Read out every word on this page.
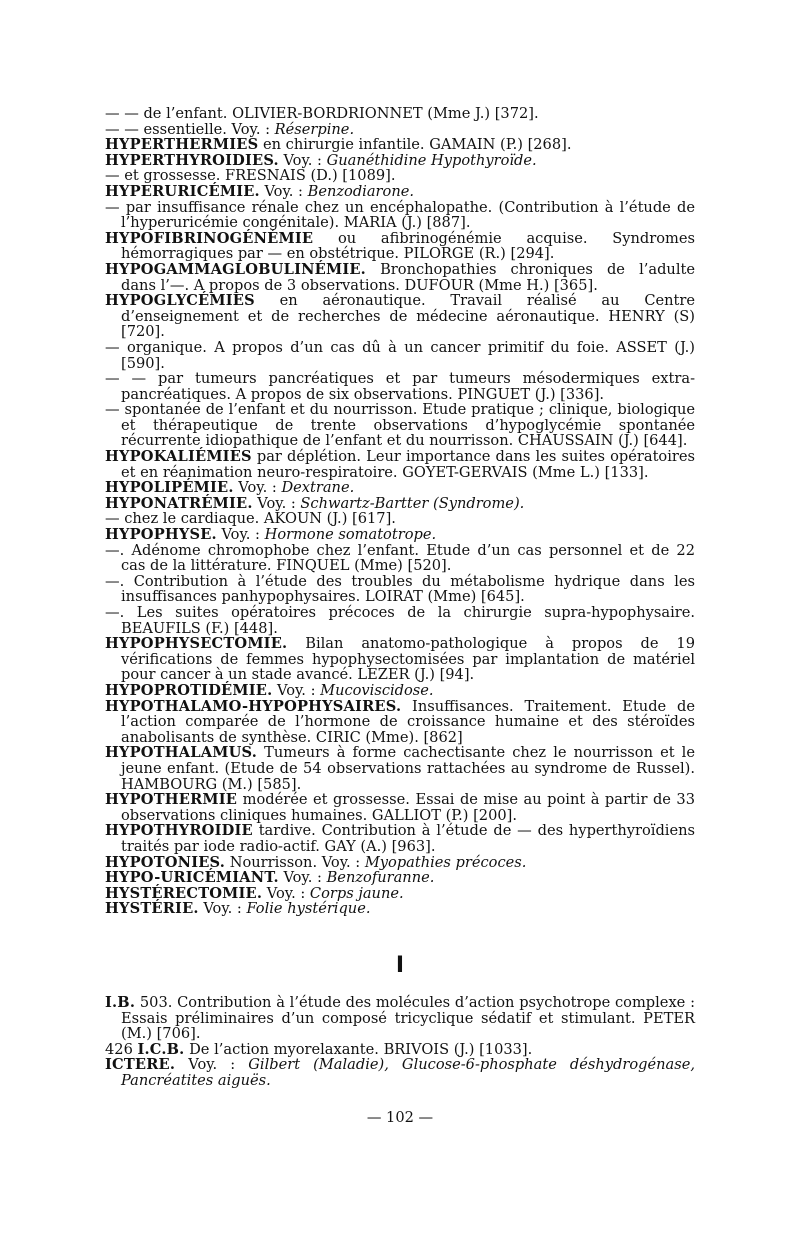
— — de l’enfant. OLIVIER-BORDRIONNET (Mme J.) [372].

— — essentielle. Voy. : Réserpine.

HYPERTHERMIES en chirurgie infantile. GAMAIN (P.) [268].

HYPERTHYROIDIES. Voy. : Guanéthidine Hypothyroïde.

— et grossesse. FRESNAIS (D.) [1089].

HYPERURICÉMIE. Voy. : Benzodiarone.

— par insuffisance rénale chez un encéphalopathe. (Contribution à l’étude de l’hyperuricémie congénitale). MARIA (J.) [887].

HYPOFIBRINOGÉNÉMIE ou afibrinogénémie acquise. Syndromes hémorragiques par — en obstétrique. PILORGE (R.) [294].

HYPOGAMMAGLOBULINÉMIE. Bronchopathies chroniques de l’adulte dans l’—. A propos de 3 observations. DUFOUR (Mme H.) [365].

HYPOGLYCÉMIES en aéronautique. Travail réalisé au Centre d’enseignement et de recherches de médecine aéronautique. HENRY (S) [720].

— organique. A propos d’un cas dû à un cancer primitif du foie. ASSET (J.) [590].

— — par tumeurs pancréatiques et par tumeurs mésodermiques extra-pancréatiques. A propos de six observations. PINGUET (J.) [336].

— spontanée de l’enfant et du nourrisson. Etude pratique ; clinique, biologique et thérapeutique de trente observations d’hypoglycémie spontanée récurrente idiopathique de l’enfant et du nourrisson. CHAUSSAIN (J.) [644].

HYPOKALIÉMIES par déplétion. Leur importance dans les suites opératoires et en réanimation neuro-respiratoire. GOYET-GERVAIS (Mme L.) [133].

HYPOLIPÉMIE. Voy. : Dextrane.

HYPONATRÉMIE. Voy. : Schwartz-Bartter (Syndrome).

— chez le cardiaque. AKOUN (J.) [617].

HYPOPHYSE. Voy. : Hormone somatotrope.

—. Adénome chromophobe chez l’enfant. Etude d’un cas personnel et de 22 cas de la littérature. FINQUEL (Mme) [520].

—. Contribution à l’étude des troubles du métabolisme hydrique dans les insuffisances panhypophysaires. LOIRAT (Mme) [645].

—. Les suites opératoires précoces de la chirurgie supra-hypophysaire. BEAUFILS (F.) [448].

HYPOPHYSECTOMIE. Bilan anatomo-pathologique à propos de 19 vérifications de femmes hypophysectomisées par implantation de matériel pour cancer à un stade avancé. LEZER (J.) [94].

HYPOPROTIDÉMIE. Voy. : Mucoviscidose.

HYPOTHALAMO-HYPOPHYSAIRES. Insuffisances. Traitement. Etude de l’action comparée de l’hormone de croissance humaine et des stéroïdes anabolisants de synthèse. CIRIC (Mme). [862]

HYPOTHALAMUS. Tumeurs à forme cachectisante chez le nourrisson et le jeune enfant. (Etude de 54 observations rattachées au syndrome de Russel). HAMBOURG (M.) [585].

HYPOTHERMIE modérée et grossesse. Essai de mise au point à partir de 33 observations cliniques humaines. GALLIOT (P.) [200].

HYPOTHYROIDIE tardive. Contribution à l’étude de — des hyperthyroïdiens traités par iode radio-actif. GAY (A.) [963].

HYPOTONIES. Nourrisson. Voy. : Myopathies précoces.

HYPO-URICÉMIANT. Voy. : Benzofuranne.

HYSTÉRECTOMIE. Voy. : Corps jaune.

HYSTÉRIE. Voy. : Folie hystérique.

I

I.B. 503. Contribution à l’étude des molécules d’action psychotrope complexe : Essais préliminaires d’un composé tricyclique sédatif et stimulant. PETER (M.) [706].

426 I.C.B. De l’action myorelaxante. BRIVOIS (J.) [1033].

ICTERE. Voy. : Gilbert (Maladie), Glucose-6-phosphate déshydrogénase, Pancréatites aiguës.

— 102 —
